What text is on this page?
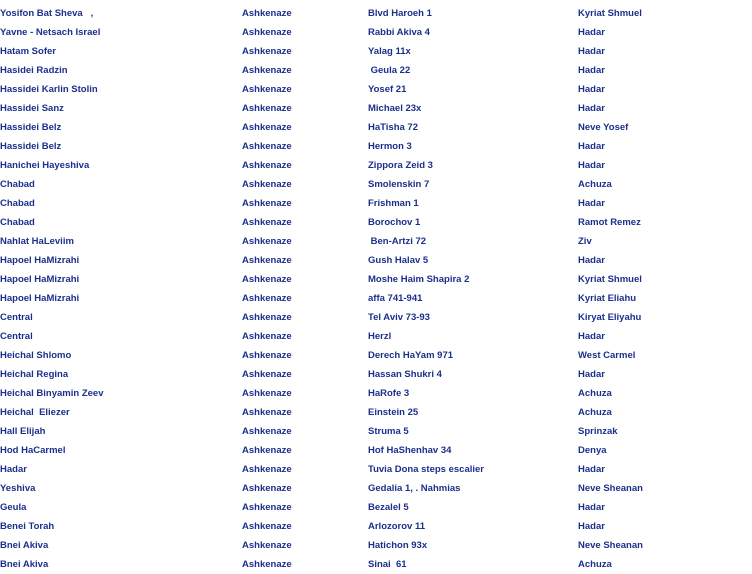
Yosifon Bat Sheva   ,	Ashkenaze	Blvd Haroeh 1	Kyriat Shmuel
Yavne - Netsach Israel	Ashkenaze	Rabbi Akiva 4	Hadar
Hatam Sofer	Ashkenaze	Yalag 11x	Hadar
Hasidei Radzin	Ashkenaze	Geula 22	Hadar
Hassidei Karlin Stolin	Ashkenaze	Yosef 21	Hadar
Hassidei Sanz	Ashkenaze	Michael 23x	Hadar
Hassidei Belz	Ashkenaze	HaTisha 72	Neve Yosef
Hassidei Belz	Ashkenaze	Hermon 3	Hadar
Hanichei Hayeshiva	Ashkenaze	Zippora Zeid 3	Hadar
Chabad	Ashkenaze	Smolenskin 7	Achuza
Chabad	Ashkenaze	Frishman 1	Hadar
Chabad	Ashkenaze	Borochov 1	Ramot Remez
Nahlat HaLeviim	Ashkenaze	Ben-Artzi 72	Ziv
Hapoel HaMizrahi	Ashkenaze	Gush Halav 5	Hadar
Hapoel HaMizrahi	Ashkenaze	Moshe Haim Shapira 2	Kyriat Shmuel
Hapoel HaMizrahi	Ashkenaze	affa 741-941	Kyriat Eliahu
Central	Ashkenaze	Tel Aviv 73-93	Kiryat Eliyahu
Central	Ashkenaze	Herzl	Hadar
Heichal Shlomo	Ashkenaze	Derech HaYam 971	West Carmel
Heichal Regina	Ashkenaze	Hassan Shukri 4	Hadar
Heichal Binyamin Zeev	Ashkenaze	HaRofe 3	Achuza
Heichal  Eliezer	Ashkenaze	Einstein 25	Achuza
Hall Elijah	Ashkenaze	Struma 5	Sprinzak
Hod HaCarmel	Ashkenaze	Hof HaShenhav 34	Denya
Hadar	Ashkenaze	Tuvia Dona steps escalier	Hadar
Yeshiva	Ashkenaze	Gedalia 1, . Nahmias	Neve Sheanan
Geula	Ashkenaze	Bezalel 5	Hadar
Benei Torah	Ashkenaze	Arlozorov 11	Hadar
Bnei Akiva	Ashkenaze	Hatichon 93x	Neve Sheanan
Bnei Akiva	Ashkenaze	Sinai  61	Achuza
